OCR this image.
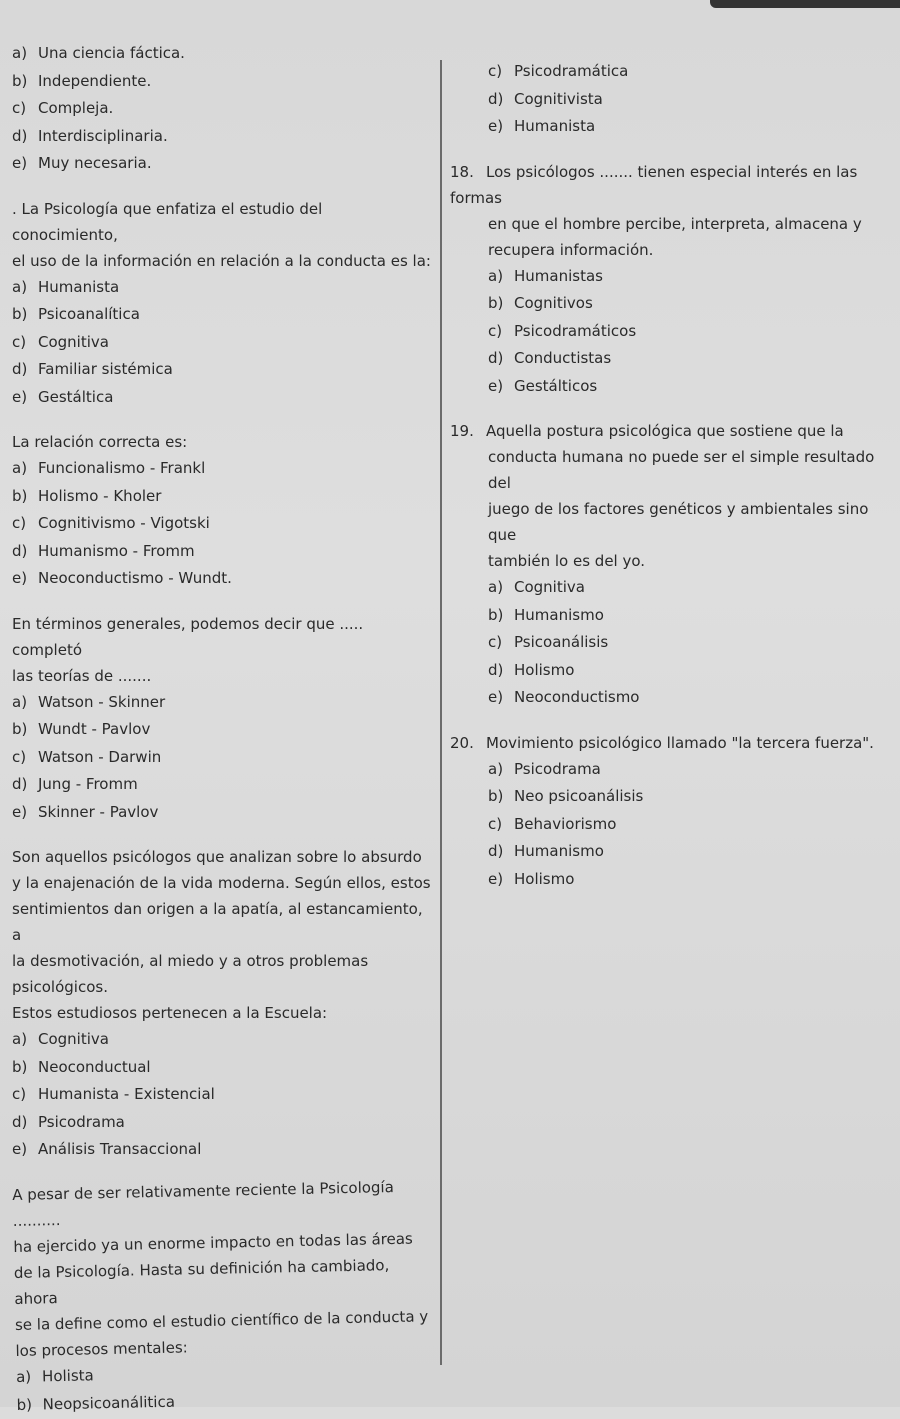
a) Una ciencia fáctica.
b) Independiente.
c) Compleja.
d) Interdisciplinaria.
e) Muy necesaria.
. La Psicología que enfatiza el estudio del conocimiento,
el uso de la información en relación a la conducta es la:
a) Humanista
b) Psicoanalítica
c) Cognitiva
d) Familiar sistémica
e) Gestáltica
La relación correcta es:
a) Funcionalismo - Frankl
b) Holismo - Kholer
c) Cognitivismo - Vigotski
d) Humanismo - Fromm
e) Neoconductismo - Wundt.
En términos generales, podemos decir que ..... completó
las teorías de .......
a) Watson - Skinner
b) Wundt - Pavlov
c) Watson - Darwin
d) Jung - Fromm
e) Skinner - Pavlov
Son aquellos psicólogos que analizan sobre lo absurdo
y la enajenación de la vida moderna. Según ellos, estos
sentimientos dan origen a la apatía, al estancamiento, a
la desmotivación, al miedo y a otros problemas
psicológicos.
Estos estudiosos pertenecen a la Escuela:
a) Cognitiva
b) Neoconductual
c) Humanista - Existencial
d) Psicodrama
e) Análisis Transaccional
A pesar de ser relativamente reciente la Psicología ..........
ha ejercido ya un enorme impacto en todas las áreas
de la Psicología. Hasta su definición ha cambiado, ahora
se la define como el estudio científico de la conducta y
los procesos mentales:
a) Holista
b) Neopsicoanálitica
c) Psicodramática
d) Cognitivista
e) Humanista
18. Los psicólogos ....... tienen especial interés en las formas
en que el hombre percibe, interpreta, almacena y
recupera información.
a) Humanistas
b) Cognitivos
c) Psicodramáticos
d) Conductistas
e) Gestálticos
19. Aquella postura psicológica que sostiene que la
conducta humana no puede ser el simple resultado del
juego de los factores genéticos y ambientales sino que
también lo es del yo.
a) Cognitiva
b) Humanismo
c) Psicoanálisis
d) Holismo
e) Neoconductismo
20. Movimiento psicológico llamado "la tercera fuerza".
a) Psicodrama
b) Neo psicoanálisis
c) Behaviorismo
d) Humanismo
e) Holismo
